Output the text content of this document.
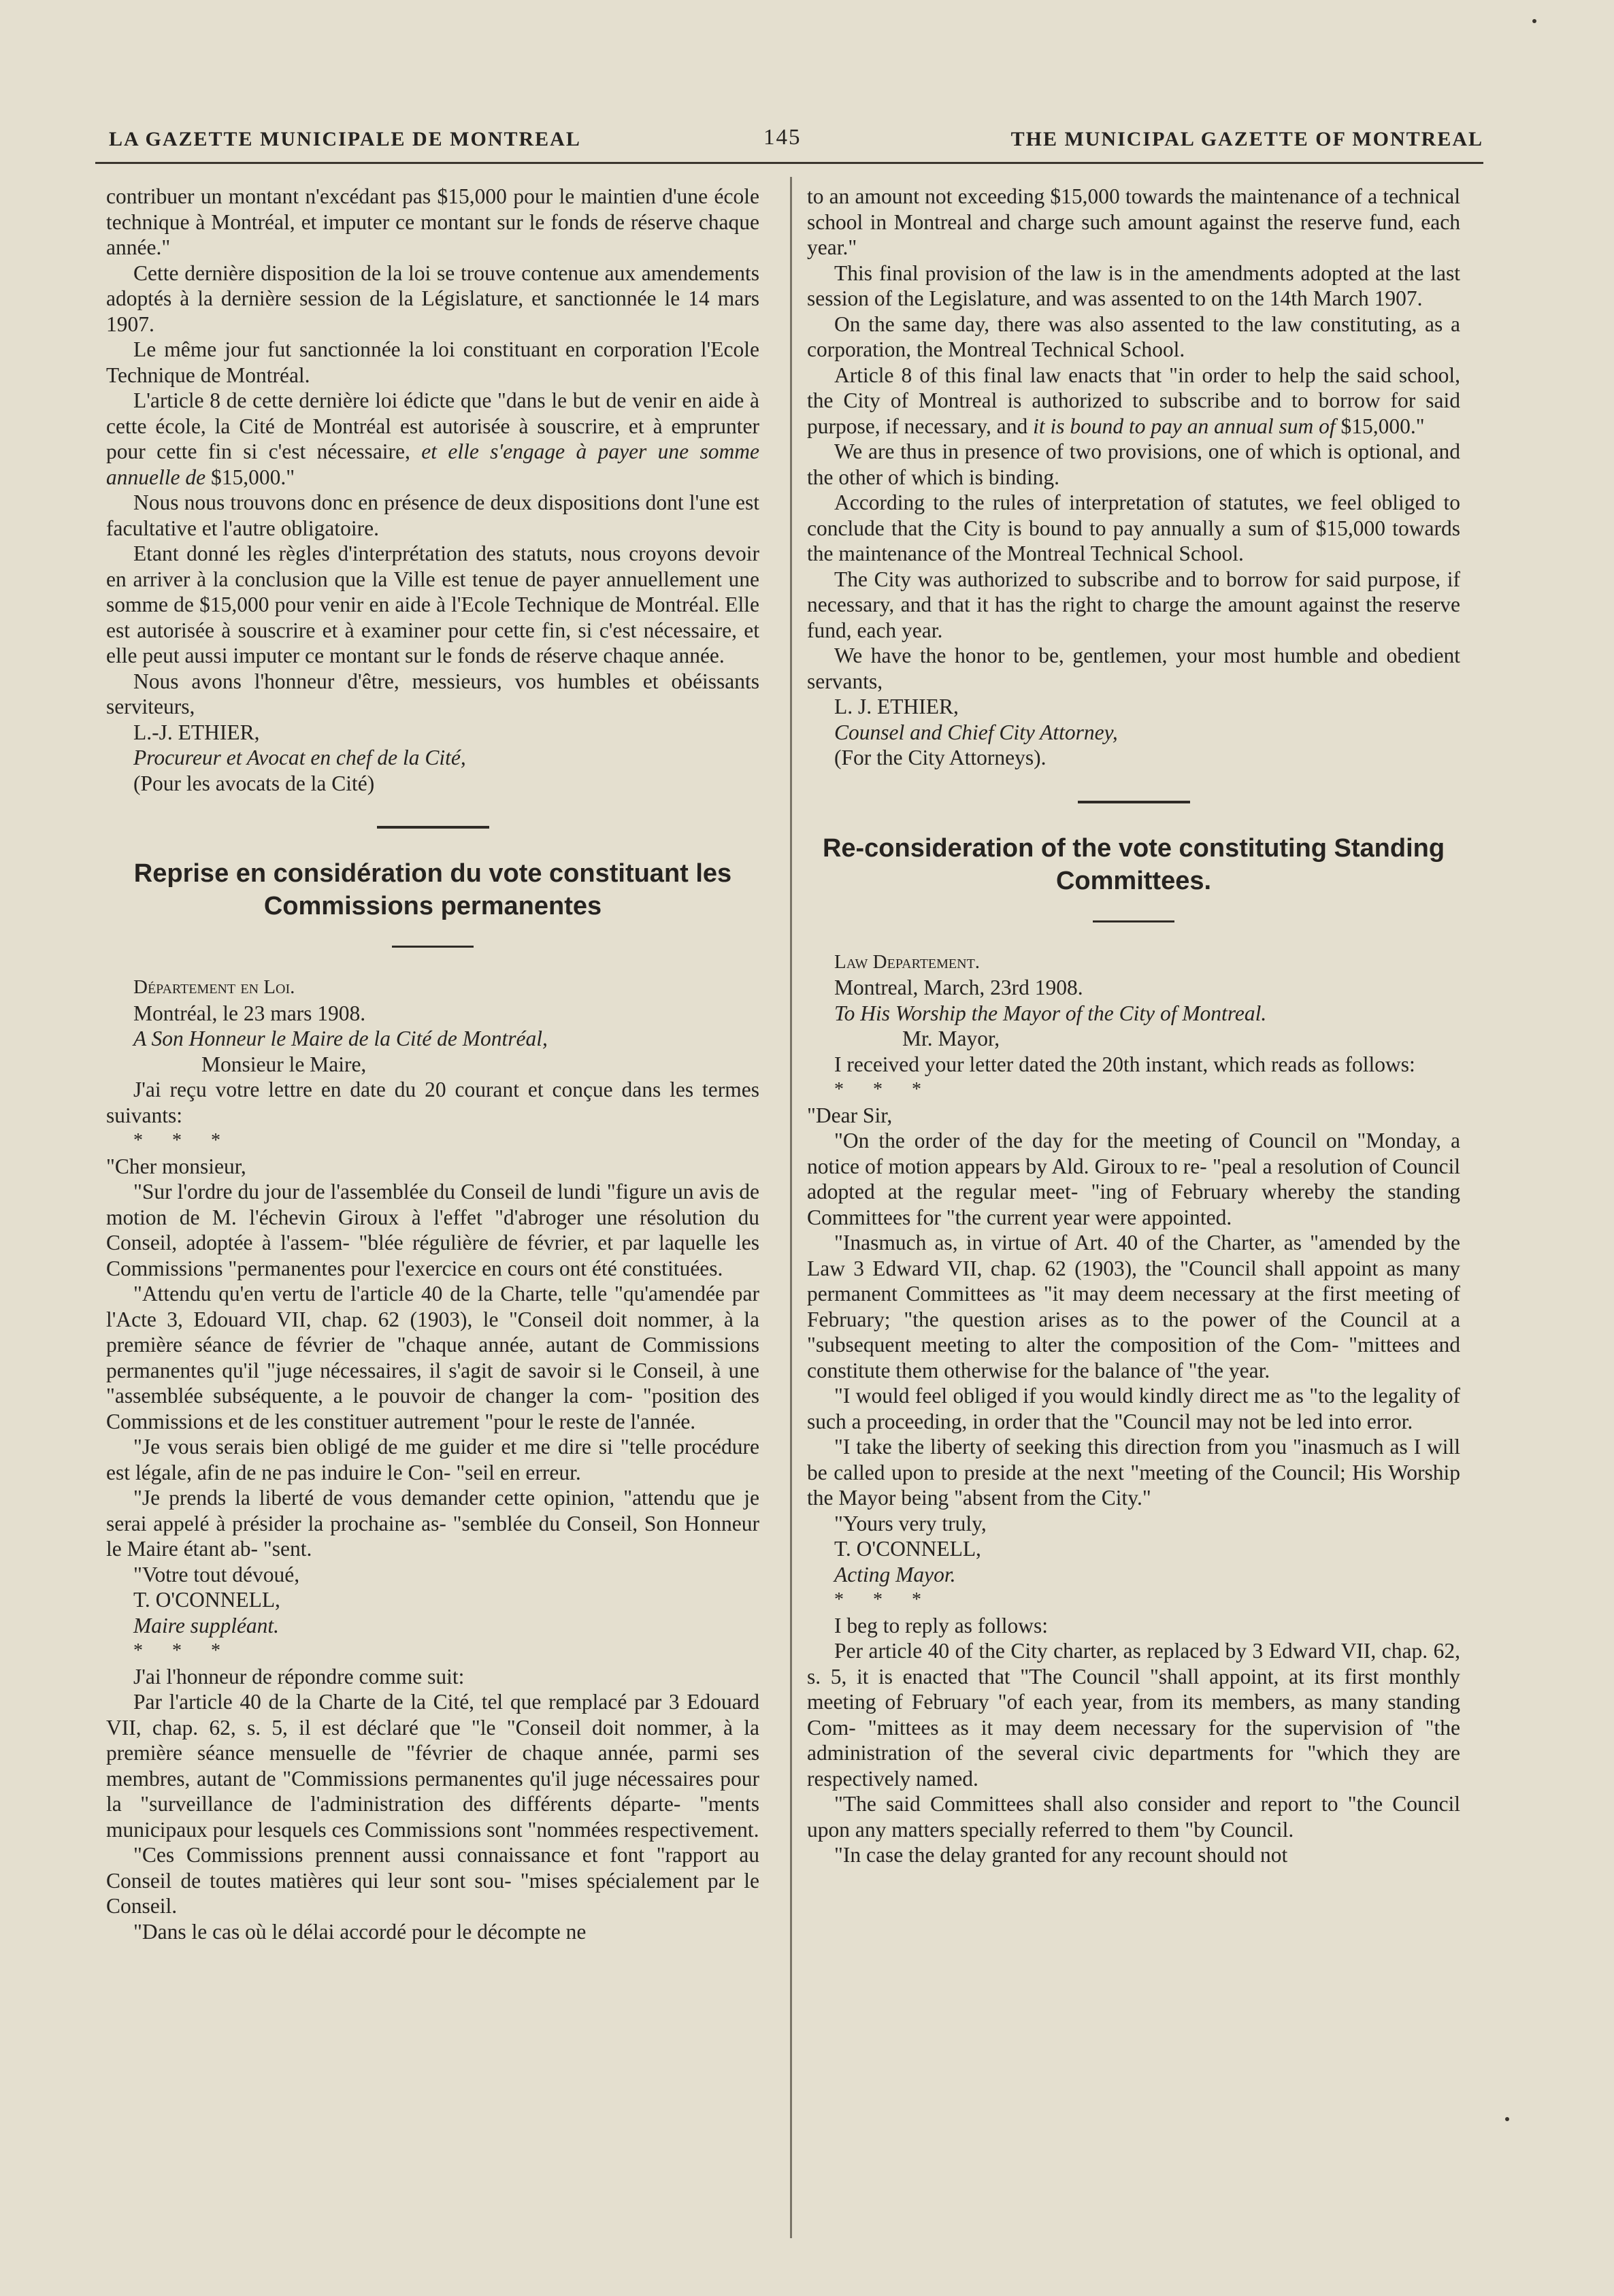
LA GAZETTE MUNICIPALE DE MONTREAL	145	THE MUNICIPAL GAZETTE OF MONTREAL

contribuer un montant n'excédant pas $15,000 pour le maintien d'une école technique à Montréal, et imputer ce montant sur le fonds de réserve chaque année."

Cette dernière disposition de la loi se trouve contenue aux amendements adoptés à la dernière session de la Législature, et sanctionnée le 14 mars 1907.

Le même jour fut sanctionnée la loi constituant en corporation l'Ecole Technique de Montréal.

L'article 8 de cette dernière loi édicte que "dans le but de venir en aide à cette école, la Cité de Montréal est autorisée à souscrire, et à emprunter pour cette fin si c'est nécessaire, et elle s'engage à payer une somme annuelle de $15,000."

Nous nous trouvons donc en présence de deux dispositions dont l'une est facultative et l'autre obligatoire.

Etant donné les règles d'interprétation des statuts, nous croyons devoir en arriver à la conclusion que la Ville est tenue de payer annuellement une somme de $15,000 pour venir en aide à l'Ecole Technique de Montréal. Elle est autorisée à souscrire et à examiner pour cette fin, si c'est nécessaire, et elle peut aussi imputer ce montant sur le fonds de réserve chaque année.

Nous avons l'honneur d'être, messieurs, vos humbles et obéissants serviteurs,

L.-J. ETHIER,

Procureur et Avocat en chef de la Cité,

(Pour les avocats de la Cité)

Reprise en considération du vote constituant les Commissions permanentes

Département en Loi.

Montréal, le 23 mars 1908.

A Son Honneur le Maire de la Cité de Montréal,

Monsieur le Maire,

J'ai reçu votre lettre en date du 20 courant et conçue dans les termes suivants:

* * *

"Cher monsieur,

"Sur l'ordre du jour de l'assemblée du Conseil de lundi "figure un avis de motion de M. l'échevin Giroux à l'effet "d'abroger une résolution du Conseil, adoptée à l'assem- "blée régulière de février, et par laquelle les Commissions "permanentes pour l'exercice en cours ont été constituées.

"Attendu qu'en vertu de l'article 40 de la Charte, telle "qu'amendée par l'Acte 3, Edouard VII, chap. 62 (1903), le "Conseil doit nommer, à la première séance de février de "chaque année, autant de Commissions permanentes qu'il "juge nécessaires, il s'agit de savoir si le Conseil, à une "assemblée subséquente, a le pouvoir de changer la com- "position des Commissions et de les constituer autrement "pour le reste de l'année.

"Je vous serais bien obligé de me guider et me dire si "telle procédure est légale, afin de ne pas induire le Con- "seil en erreur.

"Je prends la liberté de vous demander cette opinion, "attendu que je serai appelé à présider la prochaine as- "semblée du Conseil, Son Honneur le Maire étant ab- "sent.

"Votre tout dévoué,

T. O'CONNELL,

Maire suppléant.

* * *

J'ai l'honneur de répondre comme suit:

Par l'article 40 de la Charte de la Cité, tel que remplacé par 3 Edouard VII, chap. 62, s. 5, il est déclaré que "le "Conseil doit nommer, à la première séance mensuelle de "février de chaque année, parmi ses membres, autant de "Commissions permanentes qu'il juge nécessaires pour la "surveillance de l'administration des différents départe- "ments municipaux pour lesquels ces Commissions sont "nommées respectivement.

"Ces Commissions prennent aussi connaissance et font "rapport au Conseil de toutes matières qui leur sont sou- "mises spécialement par le Conseil.

"Dans le cas où le délai accordé pour le décompte ne

to an amount not exceeding $15,000 towards the maintenance of a technical school in Montreal and charge such amount against the reserve fund, each year."

This final provision of the law is in the amendments adopted at the last session of the Legislature, and was assented to on the 14th March 1907.

On the same day, there was also assented to the law constituting, as a corporation, the Montreal Technical School.

Article 8 of this final law enacts that "in order to help the said school, the City of Montreal is authorized to subscribe and to borrow for said purpose, if necessary, and it is bound to pay an annual sum of $15,000."

We are thus in presence of two provisions, one of which is optional, and the other of which is binding.

According to the rules of interpretation of statutes, we feel obliged to conclude that the City is bound to pay annually a sum of $15,000 towards the maintenance of the Montreal Technical School.

The City was authorized to subscribe and to borrow for said purpose, if necessary, and that it has the right to charge the amount against the reserve fund, each year.

We have the honor to be, gentlemen, your most humble and obedient servants,

L. J. ETHIER,

Counsel and Chief City Attorney,

(For the City Attorneys).

Re-consideration of the vote constituting Standing Committees.

Law Departement.

Montreal, March, 23rd 1908.

To His Worship the Mayor of the City of Montreal.

Mr. Mayor,

I received your letter dated the 20th instant, which reads as follows:

* * *

"Dear Sir,

"On the order of the day for the meeting of Council on "Monday, a notice of motion appears by Ald. Giroux to re- "peal a resolution of Council adopted at the regular meet- "ing of February whereby the standing Committees for "the current year were appointed.

"Inasmuch as, in virtue of Art. 40 of the Charter, as "amended by the Law 3 Edward VII, chap. 62 (1903), the "Council shall appoint as many permanent Committees as "it may deem necessary at the first meeting of February; "the question arises as to the power of the Council at a "subsequent meeting to alter the composition of the Com- "mittees and constitute them otherwise for the balance of "the year.

"I would feel obliged if you would kindly direct me as "to the legality of such a proceeding, in order that the "Council may not be led into error.

"I take the liberty of seeking this direction from you "inasmuch as I will be called upon to preside at the next "meeting of the Council; His Worship the Mayor being "absent from the City."

"Yours very truly,

T. O'CONNELL,

Acting Mayor.

* * *

I beg to reply as follows:

Per article 40 of the City charter, as replaced by 3 Edward VII, chap. 62, s. 5, it is enacted that "The Council "shall appoint, at its first monthly meeting of February "of each year, from its members, as many standing Com- "mittees as it may deem necessary for the supervision of "the administration of the several civic departments for "which they are respectively named.

"The said Committees shall also consider and report to "the Council upon any matters specially referred to them "by Council.

"In case the delay granted for any recount should not
